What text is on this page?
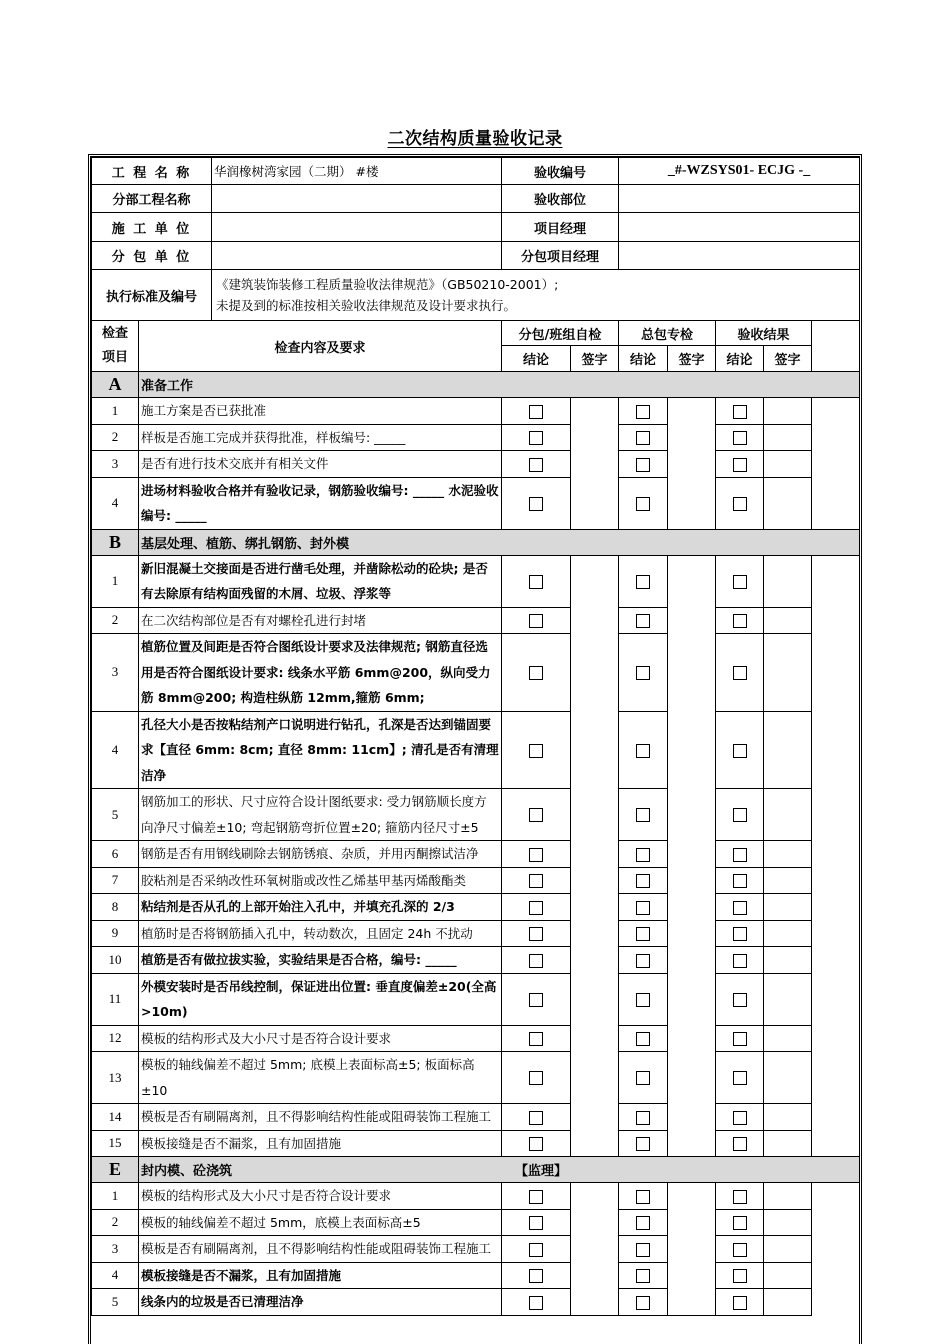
二次结构质量验收记录
工 程 名 称		华润橡树湾家园（二期） #楼	验收编号		_#-WZSYS01- ECJG -_			
分部工程名称			验收部位					
施 工 单 位			项目经理					
分 包 单 位			分包项目经理					
执行标准及编号		《建筑装饰装修工程质量验收法律规范》（GB50210-2001）;
未提及到的标准按相关验收法律规范及设计要求执行。						

检查
项目	检查内容及要求		分包/班组自检		总包专检		验收结果	
			结论	签字	结论	签字	结论	签字
A	准备工作							

1	施工方案是否已获批准							
2	样板是否施工完成并获得批准，样板编号: _____							
3	是否有进行技术交底并有相关文件							
4	进场材料验收合格并有验收记录，钢筋验收编号: _____ 水泥验收编号: _____							
B	基层处理、植筋、绑扎钢筋、封外模							

1	新旧混凝土交接面是否进行凿毛处理，并凿除松动的砼块; 是否有去除原有结构面残留的木屑、垃圾、浮浆等							
2	在二次结构部位是否有对螺栓孔进行封堵							
3	植筋位置及间距是否符合图纸设计要求及法律规范; 钢筋直径选用是否符合图纸设计要求: 线条水平筋 6mm@200，纵向受力筋 8mm@200; 构造柱纵筋 12mm,箍筋 6mm;							
4	孔径大小是否按粘结剂产口说明进行钻孔，孔深是否达到锚固要求【直径 6mm: 8cm; 直径 8mm: 11cm】; 清孔是否有清理洁净							
5	钢筋加工的形状、尺寸应符合设计图纸要求: 受力钢筋顺长度方向净尺寸偏差±10; 弯起钢筋弯折位置±20; 箍筋内径尺寸±5							
6	钢筋是否有用钢线刷除去钢筋锈痕、杂质，并用丙酮擦试洁净							
7	胶粘剂是否采纳改性环氧树脂或改性乙烯基甲基丙烯酸酯类							
8	粘结剂是否从孔的上部开始注入孔中，并填充孔深的 2/3							
9	植筋时是否将钢筋插入孔中，转动数次，且固定 24h 不扰动							
10	植筋是否有做拉拔实验，实验结果是否合格，编号: _____							
11	外模安装时是否吊线控制，保证进出位置: 垂直度偏差±20(全高>10m)							
12	模板的结构形式及大小尺寸是否符合设计要求							
13	模板的轴线偏差不超过 5mm; 底模上表面标高±5; 板面标高±10							
14	模板是否有刷隔离剂，且不得影响结构性能或阻碍装饰工程施工							
15	模板接缝是否不漏浆，且有加固措施							
E	封内模、砼浇筑 【监理】							

1	模板的结构形式及大小尺寸是否符合设计要求							
2	模板的轴线偏差不超过 5mm，底模上表面标高±5							
3	模板是否有刷隔离剂，且不得影响结构性能或阻碍装饰工程施工							
4	模板接缝是否不漏浆，且有加固措施							
5	线条内的垃圾是否已清理洁净							
